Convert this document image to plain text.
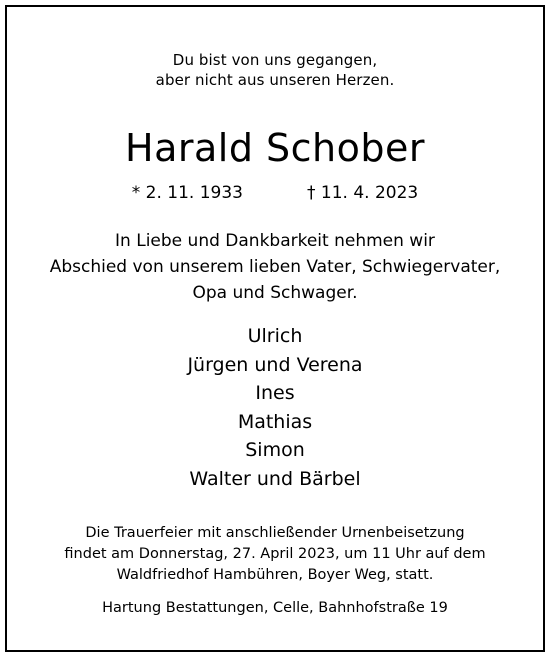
Du bist von uns gegangen,
aber nicht aus unseren Herzen.
Harald Schober
* 2. 11. 1933	† 11. 4. 2023
In Liebe und Dankbarkeit nehmen wir
Abschied von unserem lieben Vater, Schwiegervater,
Opa und Schwager.
Ulrich
Jürgen und Verena
Ines
Mathias
Simon
Walter und Bärbel
Die Trauerfeier mit anschließender Urnenbeisetzung
findet am Donnerstag, 27. April 2023, um 11 Uhr auf dem
Waldfriedhof Hambühren, Boyer Weg, statt.
Hartung Bestattungen, Celle, Bahnhofstraße 19
